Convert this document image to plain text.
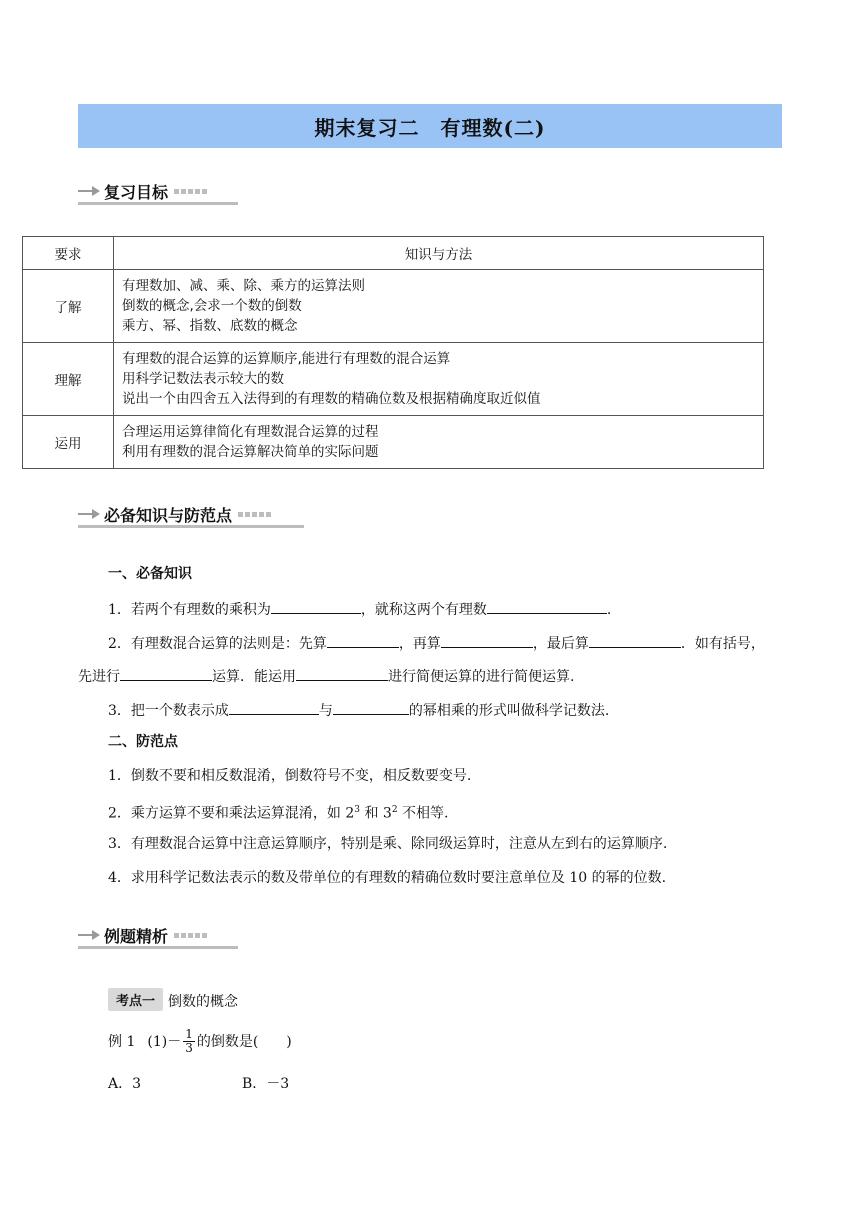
期末复习二　有理数(二)
复习目标
要求	知识与方法
了解	有理数加、减、乘、除、乘方的运算法则
倒数的概念,会求一个数的倒数
乘方、幂、指数、底数的概念

理解	有理数的混合运算的运算顺序,能进行有理数的混合运算
用科学记数法表示较大的数
说出一个由四舍五入法得到的有理数的精确位数及根据精确度取近似值

运用	合理运用运算律简化有理数混合运算的过程
利用有理数的混合运算解决简单的实际问题
必备知识与防范点
一、必备知识
1．若两个有理数的乘积为	，就称这两个有理数	.
2．有理数混合运算的法则是：先算	，再算	，最后算	．如有括号，
先进行	运算．能运用	进行简便运算的进行简便运算.
3．把一个数表示成	与	的幂相乘的形式叫做科学记数法.
二、防范点
1．倒数不要和相反数混淆，倒数符号不变，相反数要变号.
2．乘方运算不要和乘法运算混淆，如 $2^3$ 和 $3^2$ 不相等.
3．有理数混合运算中注意运算顺序，特别是乘、除同级运算时，注意从左到右的运算顺序.
4．求用科学记数法表示的数及带单位的有理数的精确位数时要注意单位及 10 的幂的位数.
例题精析
考点一 倒数的概念
例 1 $(1)- \frac{1}{3}$ 的倒数是(　　)
A．3	B．－3
